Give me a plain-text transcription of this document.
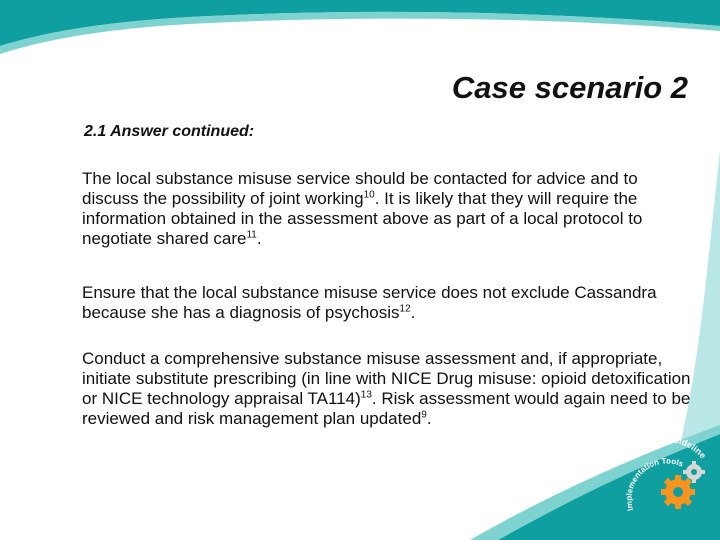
Case scenario 2

2.1 Answer continued:

The local substance misuse service should be contacted for advice and to discuss the possibility of joint working$^{10}$. It is likely that they will require the information obtained in the assessment above as part of a local protocol to negotiate shared care$^{11}$.

Ensure that the local substance misuse service does not exclude Cassandra because she has a diagnosis of psychosis$^{12}$.

Conduct a comprehensive substance misuse assessment and, if appropriate, initiate substitute prescribing (in line with NICE Drug misuse: opioid detoxification or NICE technology appraisal TA114)$^{13}$. Risk assessment would again need to be reviewed and risk management plan updated$^9$.

Clinical Guideline
Implementation Tools
